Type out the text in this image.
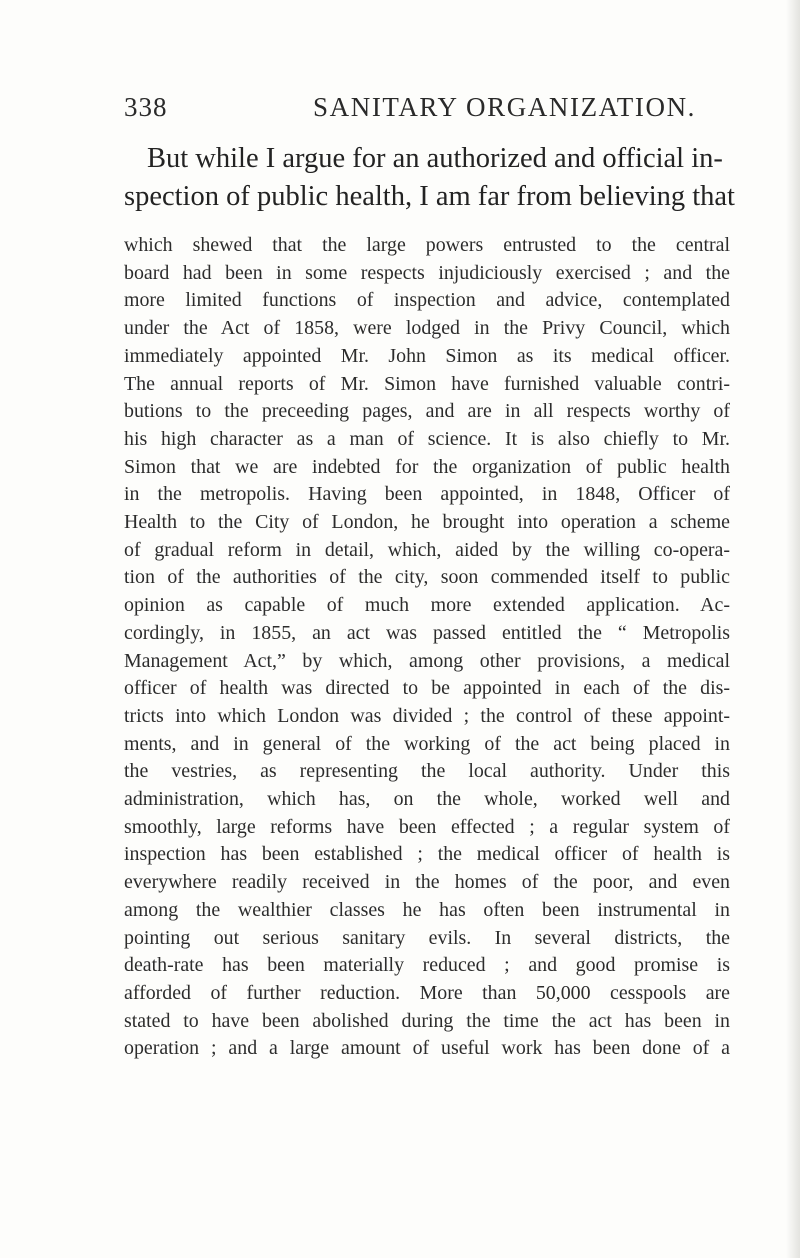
338	SANITARY ORGANIZATION.
But while I argue for an authorized and official in-
spection of public health, I am far from believing that
which shewed that the large powers entrusted to the central
board had been in some respects injudiciously exercised ; and the
more limited functions of inspection and advice, contemplated
under the Act of 1858, were lodged in the Privy Council, which
immediately appointed Mr. John Simon as its medical officer.
The annual reports of Mr. Simon have furnished valuable contri-
butions to the preceeding pages, and are in all respects worthy of
his high character as a man of science. It is also chiefly to Mr.
Simon that we are indebted for the organization of public health
in the metropolis. Having been appointed, in 1848, Officer of
Health to the City of London, he brought into operation a scheme
of gradual reform in detail, which, aided by the willing co-opera-
tion of the authorities of the city, soon commended itself to public
opinion as capable of much more extended application. Ac-
cordingly, in 1855, an act was passed entitled the “ Metropolis
Management Act,” by which, among other provisions, a medical
officer of health was directed to be appointed in each of the dis-
tricts into which London was divided ; the control of these appoint-
ments, and in general of the working of the act being placed in
the vestries, as representing the local authority. Under this
administration, which has, on the whole, worked well and
smoothly, large reforms have been effected ; a regular system of
inspection has been established ; the medical officer of health is
everywhere readily received in the homes of the poor, and even
among the wealthier classes he has often been instrumental in
pointing out serious sanitary evils. In several districts, the
death-rate has been materially reduced ; and good promise is
afforded of further reduction. More than 50,000 cesspools are
stated to have been abolished during the time the act has been in
operation ; and a large amount of useful work has been done of a
